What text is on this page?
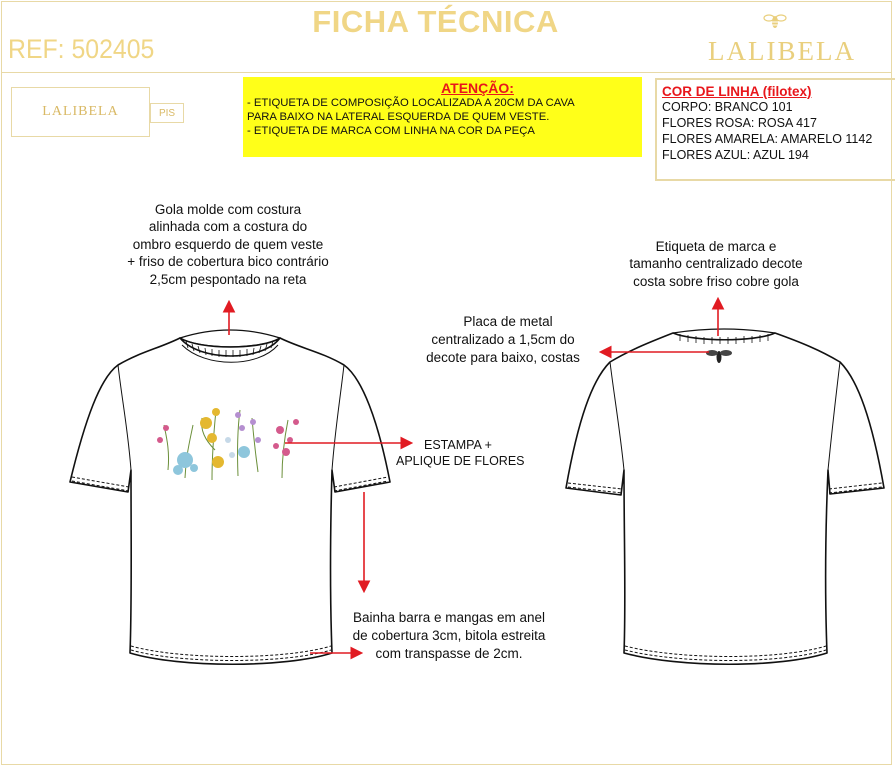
FICHA TÉCNICA
REF: 502405	LALIBELA
LALIBELA	PIS
ATENÇÃO:
- ETIQUETA DE COMPOSIÇÃO LOCALIZADA A 20CM DA CAVA
PARA BAIXO NA LATERAL ESQUERDA DE QUEM VESTE.
- ETIQUETA DE MARCA COM LINHA NA COR DA PEÇA
COR DE LINHA (filotex)
CORPO: BRANCO 101
FLORES ROSA: ROSA 417
FLORES AMARELA: AMARELO 1142
FLORES AZUL: AZUL 194
Gola molde com costura
alinhada com a costura do
ombro esquerdo de quem veste
+ friso de cobertura bico contrário
2,5cm pespontado na reta
ESTAMPA +
APLIQUE DE FLORES
Bainha barra e mangas em anel
de cobertura 3cm, bitola estreita
com transpasse de 2cm.
Etiqueta de marca e
tamanho centralizado decote
costa sobre friso cobre gola
Placa de metal
centralizado a 1,5cm do
decote para baixo, costas
